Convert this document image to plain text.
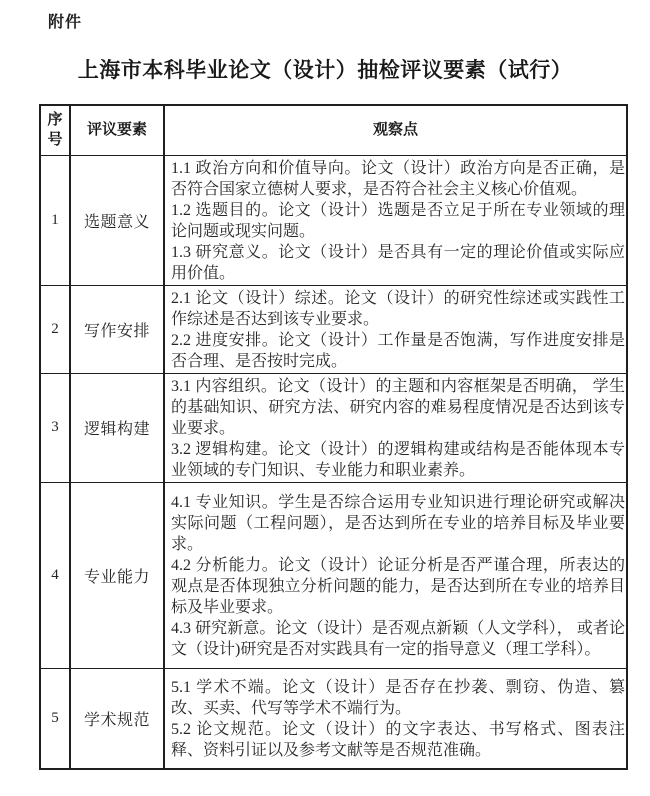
附件
上海市本科毕业论文（设计）抽检评议要素（试行）
序号	评议要素	观察点
1	选题意义	1.1 政治方向和价值导向。论文（设计）政治方向是否正确，是否符合国家立德树人要求，是否符合社会主义核心价值观。

1.2 选题目的。论文（设计）选题是否立足于所在专业领域的理论问题或现实问题。

1.3 研究意义。论文（设计）是否具有一定的理论价值或实际应用价值。

2	写作安排	2.1 论文（设计）综述。论文（设计）的研究性综述或实践性工作综述是否达到该专业要求。

2.2 进度安排。论文（设计）工作量是否饱满，写作进度安排是否合理、是否按时完成。

3	逻辑构建	3.1 内容组织。论文（设计）的主题和内容框架是否明确， 学生的基础知识、研究方法、研究内容的难易程度情况是否达到该专业要求。

3.2 逻辑构建。论文（设计）的逻辑构建或结构是否能体现本专业领域的专门知识、专业能力和职业素养。

4	专业能力	4.1 专业知识。学生是否综合运用专业知识进行理论研究或解决实际问题（工程问题），是否达到所在专业的培养目标及毕业要求。

4.2 分析能力。论文（设计）论证分析是否严谨合理，所表达的观点是否体现独立分析问题的能力，是否达到所在专业的培养目标及毕业要求。

4.3 研究新意。论文（设计）是否观点新颖（人文学科）， 或者论文（设计)研究是否对实践具有一定的指导意义（理工学科）。

5	学术规范	5.1 学术不端。论文（设计）是否存在抄袭、剽窃、伪造、篡改、买卖、代写等学术不端行为。

5.2 论文规范。论文（设计）的文字表达、书写格式、图表注释、资料引证以及参考文献等是否规范准确。
